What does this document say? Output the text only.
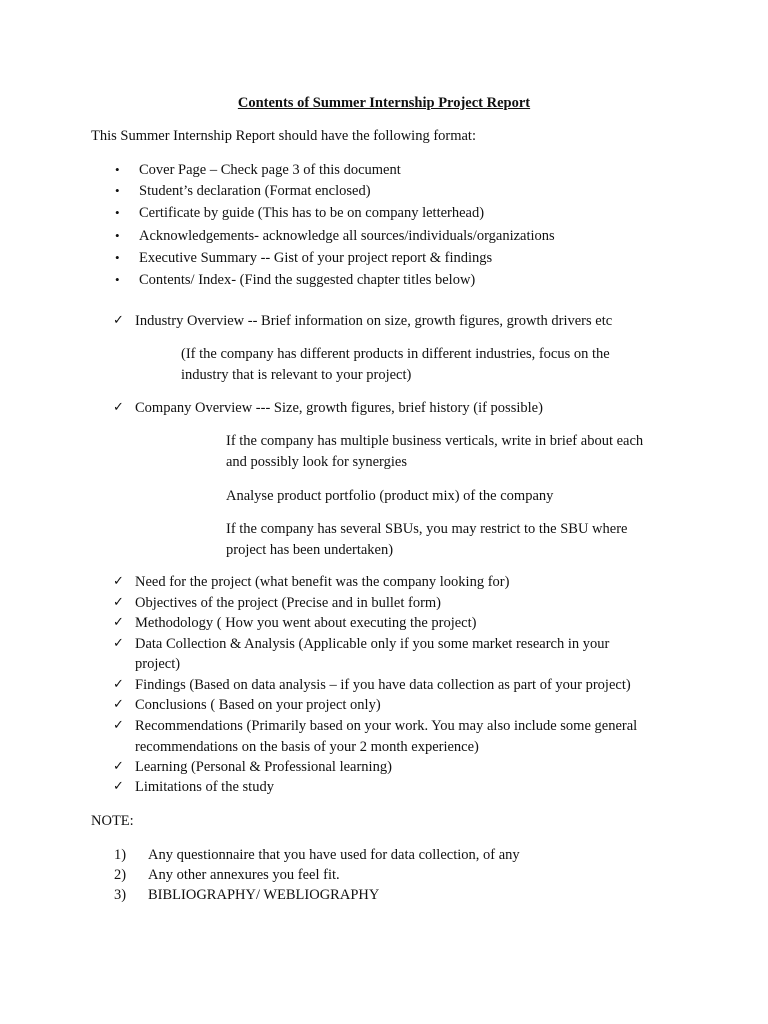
Contents of Summer Internship Project Report
This Summer Internship Report should have the following format:
• Cover Page – Check page 3 of this document
• Student’s declaration (Format enclosed)
• Certificate by guide (This has to be on company letterhead)
• Acknowledgements- acknowledge all sources/individuals/organizations
• Executive Summary -- Gist of your project report & findings
• Contents/ Index- (Find the suggested chapter titles below)
✓ Industry Overview -- Brief information on size, growth figures, growth drivers etc
(If the company has different products in different industries, focus on the
industry that is relevant to your project)
✓ Company Overview --- Size, growth figures, brief history (if possible)
If the company has multiple business verticals, write in brief about each
and possibly look for synergies
Analyse product portfolio (product mix) of the company
If the company has several SBUs, you may restrict to the SBU where
project has been undertaken)
✓ Need for the project (what benefit was the company looking for)
✓ Objectives of the project (Precise and in bullet form)
✓ Methodology ( How you went about executing the project)
✓ Data Collection & Analysis (Applicable only if you some market research in your
project)
✓ Findings (Based on data analysis – if you have data collection as part of your project)
✓ Conclusions ( Based on your project only)
✓ Recommendations (Primarily based on your work. You may also include some general
recommendations on the basis of your 2 month experience)
✓ Learning (Personal & Professional learning)
✓ Limitations of the study
NOTE:
1) Any questionnaire that you have used for data collection, of any
2) Any other annexures you feel fit.
3) BIBLIOGRAPHY/ WEBLIOGRAPHY
